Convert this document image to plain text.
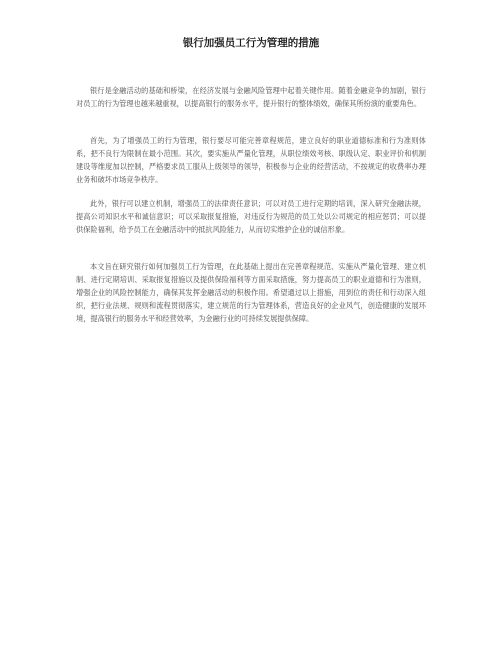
银行加强员工行为管理的措施

银行是金融活动的基础和桥梁，在经济发展与金融风险管理中起着关键作用。随着金融竞争的加剧，银行对员工的行为管理也越来越重视，以提高银行的服务水平，提升银行的整体绩效，确保其所扮演的重要角色。

首先，为了增强员工的行为管理，银行要尽可能完善章程规范，建立良好的职业道德标准和行为准则体系，把不良行为限制在最小范围。其次，要实施从严量化管理，从职位绩效考核、职级认定、职业评价和机制建设等维度加以控制，严格要求员工服从上级领导的领导，积极参与企业的经营活动，不按规定的收费率办理业务和破坏市场竞争秩序。

此外，银行可以建立机制，增强员工的法律责任意识；可以对员工进行定期的培训，深入研究金融法规，提高公司知识水平和诚信意识；可以采取报复措施，对违反行为规范的员工处以公司规定的相应惩罚；可以提供保险福利，给予员工在金融活动中的抵抗风险能力，从而切实维护企业的诚信形象。

本文旨在研究银行如何加强员工行为管理，在此基础上提出在完善章程规范、实施从严量化管理、建立机制、进行定期培训、采取报复措施以及提供保险福利等方面采取措施，努力提高员工的职业道德和行为准则，增强企业的风险控制能力，确保其发挥金融活动的积极作用。希望通过以上措施，用到位的责任和行动深入组织，把行业法规、规则和流程贯彻落实，建立规范的行为管理体系，营造良好的企业风气，创造健康的发展环境，提高银行的服务水平和经营效率，为金融行业的可持续发展提供保障。
